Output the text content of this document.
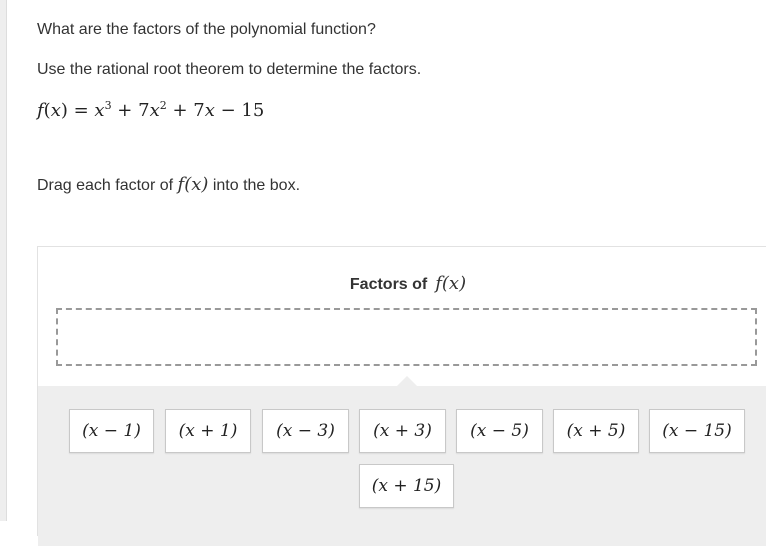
What are the factors of the polynomial function?
Use the rational root theorem to determine the factors.
$f(x) = x^3 + 7x^2 + 7x - 15$
Drag each factor of f(x) into the box.
Factors of f(x)
(x − 1)	(x + 1)	(x − 3)	(x + 3)	(x − 5)	(x + 5)	(x − 15)
(x + 15)
